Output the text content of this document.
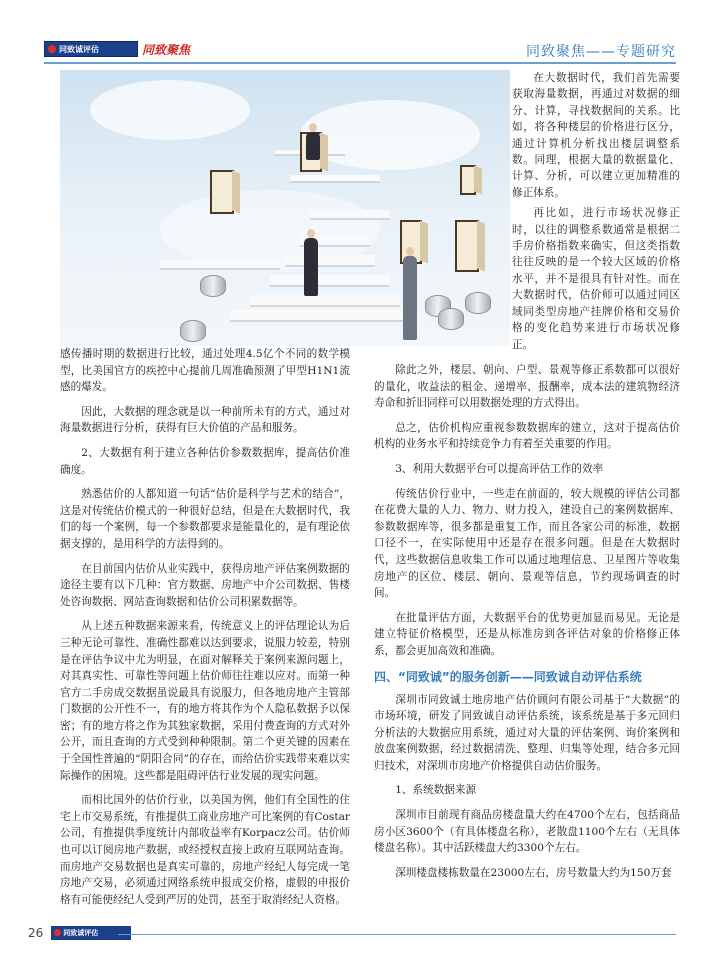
同致诚评估	同致聚焦	同致聚焦——专题研究

在大数据时代，我们首先需要获取海量数据，再通过对数据的细分、计算，寻找数据间的关系。比如，将各种楼层的价格进行区分，通过计算机分析找出楼层调整系数。同理，根据大量的数据量化、计算、分析，可以建立更加精准的修正体系。

再比如，进行市场状况修正时，以往的调整系数通常是根据二手房价格指数来确实，但这类指数往往反映的是一个较大区域的价格水平，并不是很具有针对性。而在大数据时代，估价师可以通过同区域同类型房地产挂牌价格和交易价格的变化趋势来进行市场状况修正。

感传播时期的数据进行比较，通过处理4.5亿个不同的数学模型，比美国官方的疾控中心提前几周准确预测了甲型H1N1流感的爆发。

因此，大数据的理念就是以一种前所未有的方式，通过对海量数据进行分析，获得有巨大价值的产品和服务。

2、大数据有利于建立各种估价参数数据库，提高估价准确度。

熟悉估价的人都知道一句话“估价是科学与艺术的结合”，这是对传统估价模式的一种很好总结，但是在大数据时代，我们的每一个案例，每一个参数都要求是能量化的，是有理论依据支撑的，是用科学的方法得到的。

在目前国内估价从业实践中，获得房地产评估案例数据的途径主要有以下几种：官方数据、房地产中介公司数据、售楼处咨询数据、网站查询数据和估价公司积累数据等。

从上述五种数据来源来看，传统意义上的评估理论认为后三种无论可靠性、准确性都难以达到要求，说服力较差，特别是在评估争议中尤为明显，在面对解释关于案例来源问题上，对其真实性、可靠性等问题上估价师往往难以应对。而第一种官方二手房成交数据虽说最具有说服力，但各地房地产主管部门数据的公开性不一，有的地方将其作为个人隐私数据予以保密；有的地方将之作为其独家数据，采用付费查询的方式对外公开，而且查询的方式受到种种限制。第二个更关键的因素在于全国性普遍的“阴阳合同”的存在，而给估价实践带来难以实际操作的困境。这些都是阻碍评估行业发展的现实问题。

而相比国外的估价行业，以美国为例，他们有全国性的住宅上市交易系统，有推提供工商业房地产可比案例的有Costar公司，有推提供季度统计内部收益率有Korpacz公司。估价师也可以订阅房地产数据，或经授权直接上政府互联网站查询。而房地产交易数据也是真实可靠的，房地产经纪人每完成一笔房地产交易，必须通过网络系统申报成交价格，虚假的申报价格有可能使经纪人受到严厉的处罚，甚至于取消经纪人资格。

除此之外，楼层、朝向、户型、景观等修正系数都可以很好的量化，收益法的租金、递增率、报酬率，成本法的建筑物经济寿命和折旧同样可以用数据处理的方式得出。

总之，估价机构应重视参数数据库的建立，这对于提高估价机构的业务水平和持续竞争力有着至关重要的作用。

3、利用大数据平台可以提高评估工作的效率

传统估价行业中，一些走在前面的，较大规模的评估公司都在花费大量的人力、物力、财力投入，建设自己的案例数据库、参数数据库等，很多都是重复工作，而且各家公司的标准，数据口径不一，在实际使用中还是存在很多问题。但是在大数据时代，这些数据信息收集工作可以通过地理信息、卫星图片等收集房地产的区位、楼层、朝向、景观等信息，节约现场调查的时间。

在批量评估方面，大数据平台的优势更加显而易见。无论是建立特征价格模型，还是从标准房到各评估对象的价格修正体系，都会更加高效和准确。

四、“同致诚”的服务创新——同致诚自动评估系统

深圳市同致诚土地房地产估价顾问有限公司基于“大数据”的市场环境，研发了同致诚自动评估系统，该系统是基于多元回归分析法的大数据应用系统，通过对大量的评估案例、询价案例和放盘案例数据，经过数据清洗、整理、归集等处理，结合多元回归技术，对深圳市房地产价格提供自动估价服务。

1、系统数据来源

深圳市目前现有商品房楼盘量大约在4700个左右，包括商品房小区3600个（有具体楼盘名称），老散盘1100个左右（无具体楼盘名称）。其中活跃楼盘大约3300个左右。

深圳楼盘楼栋数量在23000左右，房号数量大约为150万套

26	同致诚评估
